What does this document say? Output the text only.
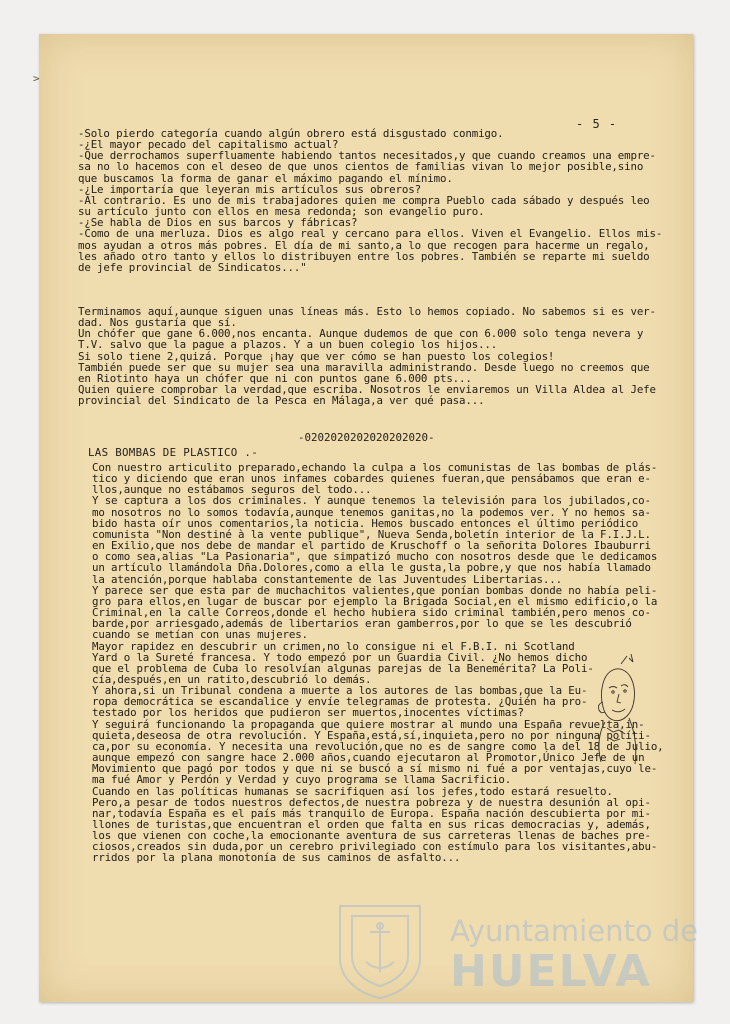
>
- 5 -
-Solo pierdo categoría cuando algún obrero está disgustado conmigo.
-¿El mayor pecado del capitalismo actual?
-Que derrochamos superfluamente habiendo tantos necesitados,y que cuando creamos una empre-
sa no lo hacemos con el deseo de que unos cientos de familias vivan lo mejor posible,sino
que buscamos la forma de ganar el máximo pagando el mínimo.
-¿Le importaría que leyeran mis artículos sus obreros?
-Al contrario. Es uno de mis trabajadores quien me compra Pueblo cada sábado y después leo
su artículo junto con ellos en mesa redonda; son evangelio puro.
-¿Se habla de Dios en sus barcos y fábricas?
-Como de una merluza. Dios es algo real y cercano para ellos. Viven el Evangelio. Ellos mis-
mos ayudan a otros más pobres. El día de mi santo,a lo que recogen para hacerme un regalo,
les añado otro tanto y ellos lo distribuyen entre los pobres. También se reparte mi sueldo
de jefe provincial de Sindicatos..."
Terminamos aquí,aunque siguen unas líneas más. Esto lo hemos copiado. No sabemos si es ver-
dad. Nos gustaría que sí.
Un chófer que gane 6.000,nos encanta. Aunque dudemos de que con 6.000 solo tenga nevera y
T.V. salvo que la pague a plazos. Y a un buen colegio los hijos...
Si solo tiene 2,quizá. Porque ¡hay que ver cómo se han puesto los colegios!
También puede ser que su mujer sea una maravilla administrando. Desde luego no creemos que
en Riotinto haya un chófer que ni con puntos gane 6.000 pts...
Quien quiere comprobar la verdad,que escriba. Nosotros le enviaremos un Villa Aldea al Jefe
provincial del Sindicato de la Pesca en Málaga,a ver qué pasa...
-0202020202020202020-
LAS BOMBAS DE PLASTICO .-
Con nuestro articulito preparado,echando la culpa a los comunistas de las bombas de plás-
tico y diciendo que eran unos infames cobardes quienes fueran,que pensábamos que eran e-
llos,aunque no estábamos seguros del todo...
Y se captura a los dos criminales. Y aunque tenemos la televisión para los jubilados,co-
mo nosotros no lo somos todavía,aunque tenemos ganitas,no la podemos ver. Y no hemos sa-
bido hasta oír unos comentarios,la noticia. Hemos buscado entonces el último periódico
comunista "Non destiné à la vente publique", Nueva Senda,boletín interior de la F.I.J.L.
en Exilio,que nos debe de mandar el partido de Kruschoff o la señorita Dolores Ibauburri
o como sea,alias "La Pasionaria", que simpatizó mucho con nosotros desde que le dedicamos
un artículo llamándola Dña.Dolores,como a ella le gusta,la pobre,y que nos había llamado
la atención,porque hablaba constantemente de las Juventudes Libertarias...
Y parece ser que esta par de muchachitos valientes,que ponían bombas donde no había peli-
gro para ellos,en lugar de buscar por ejemplo la Brigada Social,en el mismo edificio,o la
Criminal,en la calle Correos,donde el hecho hubiera sido criminal también,pero menos co-
barde,por arriesgado,además de libertarios eran gamberros,por lo que se les descubrió
cuando se metían con unas mujeres.
Mayor rapidez en descubrir un crimen,no lo consigue ni el F.B.I. ni Scotland
Yard o la Sureté francesa. Y todo empezó por un Guardia Civil. ¿No hemos dicho
que el problema de Cuba lo resolvían algunas parejas de la Benemérita? La Poli-
cía,después,en un ratito,descubrió lo demás.
Y ahora,si un Tribunal condena a muerte a los autores de las bombas,que la Eu-
ropa democrática se escandalice y envíe telegramas de protesta. ¿Quién ha pro-
testado por los heridos que pudieron ser muertos,inocentes víctimas?
Y seguirá funcionando la propaganda que quiere mostrar al mundo una España revuelta,in-
quieta,deseosa de otra revolución. Y España,está,sí,inquieta,pero no por ninguna políti-
ca,por su economía. Y necesita una revolución,que no es de sangre como la del 18 de Julio,
aunque empezó con sangre hace 2.000 años,cuando ejecutaron al Promotor,Único Jefe de un
Movimiento que pagó por todos y que ni se buscó a sí mismo ni fué a por ventajas,cuyo le-
ma fué Amor y Perdón y Verdad y cuyo programa se llama Sacrificio.
Cuando en las políticas humanas se sacrifiquen así los jefes,todo estará resuelto.
Pero,a pesar de todos nuestros defectos,de nuestra pobreza y de nuestra desunión al opi-
nar,todavía España es el país más tranquilo de Europa. España nación descubierta por mi-
llones de turistas,que encuentran el orden que falta en sus ricas democracias y, además,
los que vienen con coche,la emocionante aventura de sus carreteras llenas de baches pre-
ciosos,creados sin duda,por un cerebro privilegiado con estímulo para los visitantes,abu-
rridos por la plana monotonía de sus caminos de asfalto...
Ayuntamiento de
HUELVA
